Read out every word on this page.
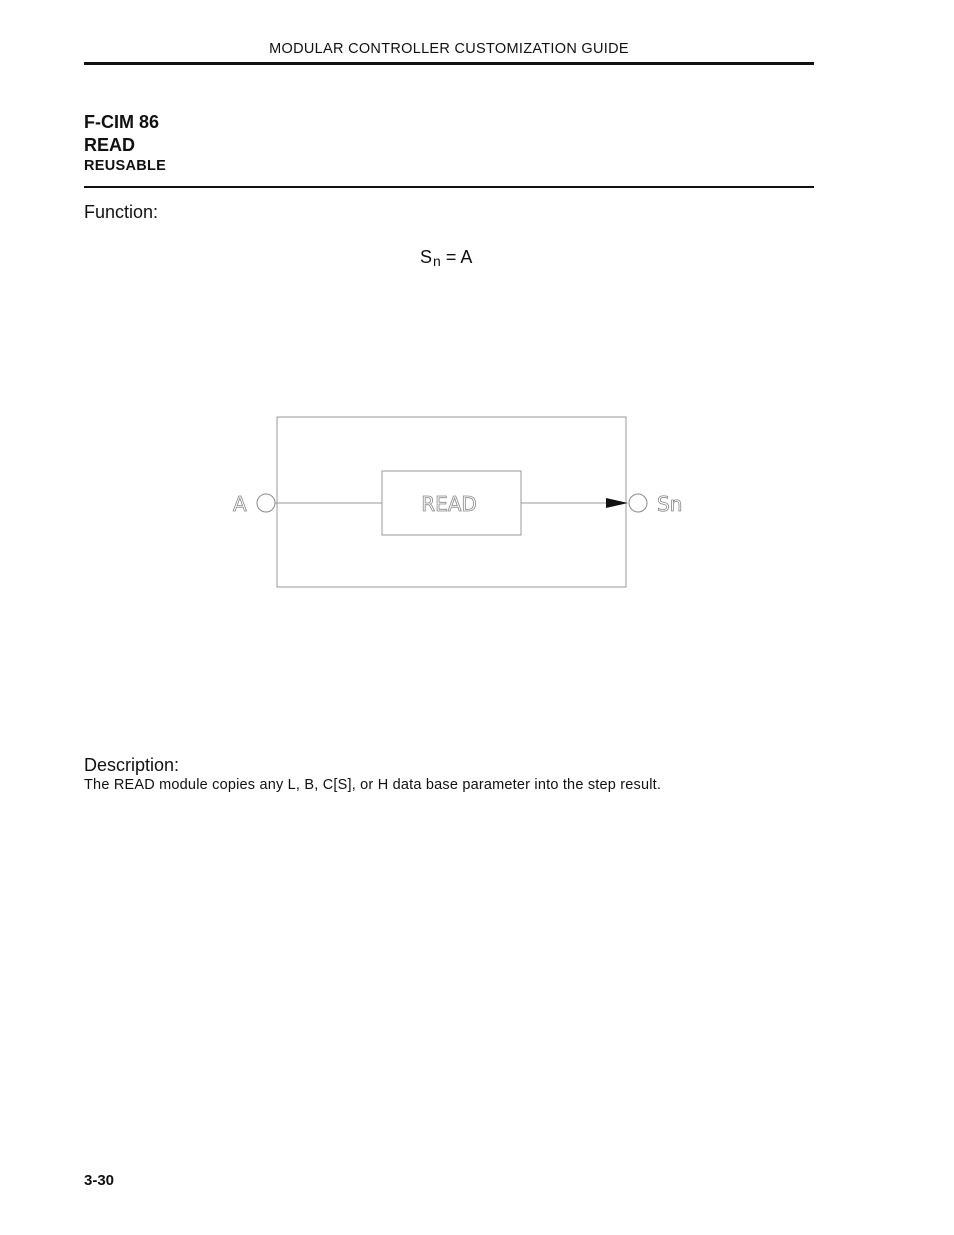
MODULAR CONTROLLER CUSTOMIZATION GUIDE
F-CIM 86
READ
REUSABLE
Function:
Sn = A
READ
A	Sn
Description:
The READ module copies any L, B, C[S], or H data base parameter into the step result.
3-30
